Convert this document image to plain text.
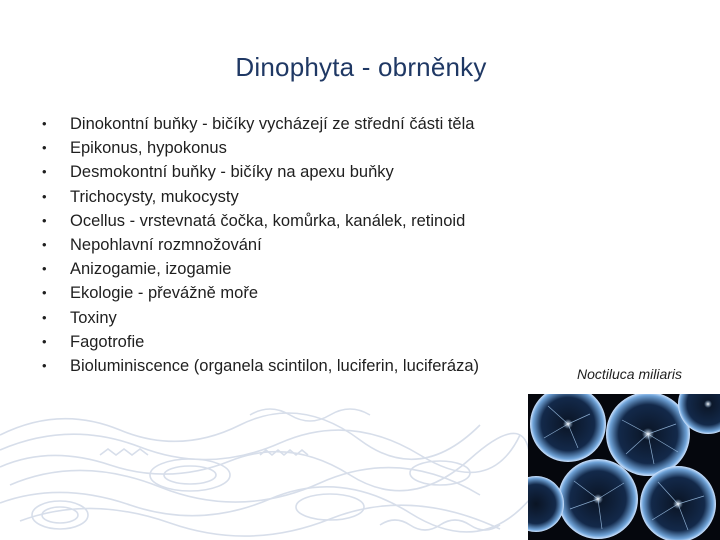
Dinophyta - obrněnky
• Dinokontní buňky - bičíky vycházejí ze střední části těla
• Epikonus, hypokonus
• Desmokontní buňky - bičíky na apexu buňky
• Trichocysty, mukocysty
• Ocellus - vrstevnatá čočka, komůrka, kanálek, retinoid
• Nepohlavní rozmnožování
• Anizogamie, izogamie
• Ekologie - převážně moře
• Toxiny
• Fagotrofie
• Bioluminiscence (organela scintilon, luciferin, luciferáza)	Noctiluca miliaris
